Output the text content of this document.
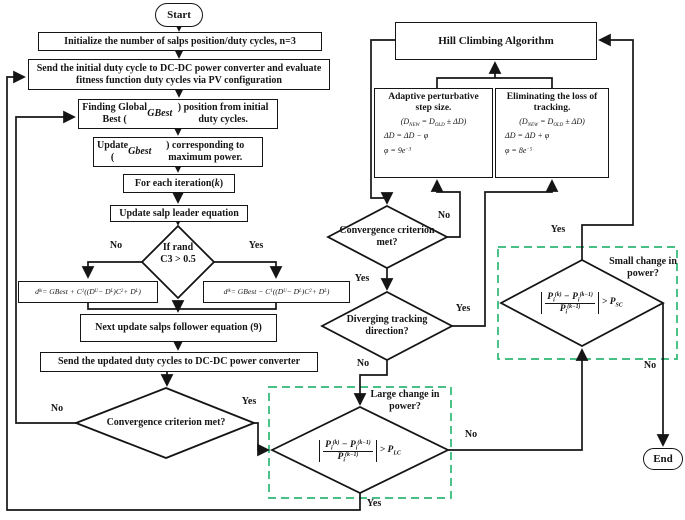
Start
End
Initialize the number of salps position/duty cycles, n=3
Send the initial duty cycle to DC-DC power converter and evaluate fitness function duty cycles via PV configuration
Finding Global Best (
GBest
) position from initial duty cycles.
Update (
Gbest
) corresponding to maximum power.
For each iteration( k )
Update salp leader equation
d i k = GBest + C 1 ((D U − D L )C 2 + D L )	d i k = GBest − C 1 ((D U − D L )C 2 + D L )
Next update salps follower equation (9)
Send the updated duty cycles to DC-DC power converter
Hill Climbing Algorithm
Adaptive perturbative step size.
$(D_{NEW} = D_{OLD} \pm \Delta D)$
ΔD = ΔD − φ
$\varphi = 9e^{-3}$
Eliminating the loss of tracking.
$(D_{NEW} = D_{OLD} \pm \Delta D)$
ΔD = ΔD + φ
$\varphi = 8e^{-5}$
If rand
C3 > 0.5
Convergence criterion met?
Convergence criterion met?
Diverging tracking direction?
$\frac{P_i^{(k)} - P_i^{(k-1)}}{P_i^{(k-1)}} > P_{LC}$
$\frac{P_i^{(k)} - P_i^{(k-1)}}{P_i^{(k-1)}} > P_{SC}$
Large change in power?
Small change in power?
No	Yes
No
Yes
Yes
No
No
Yes
Yes
No
Yes
No
